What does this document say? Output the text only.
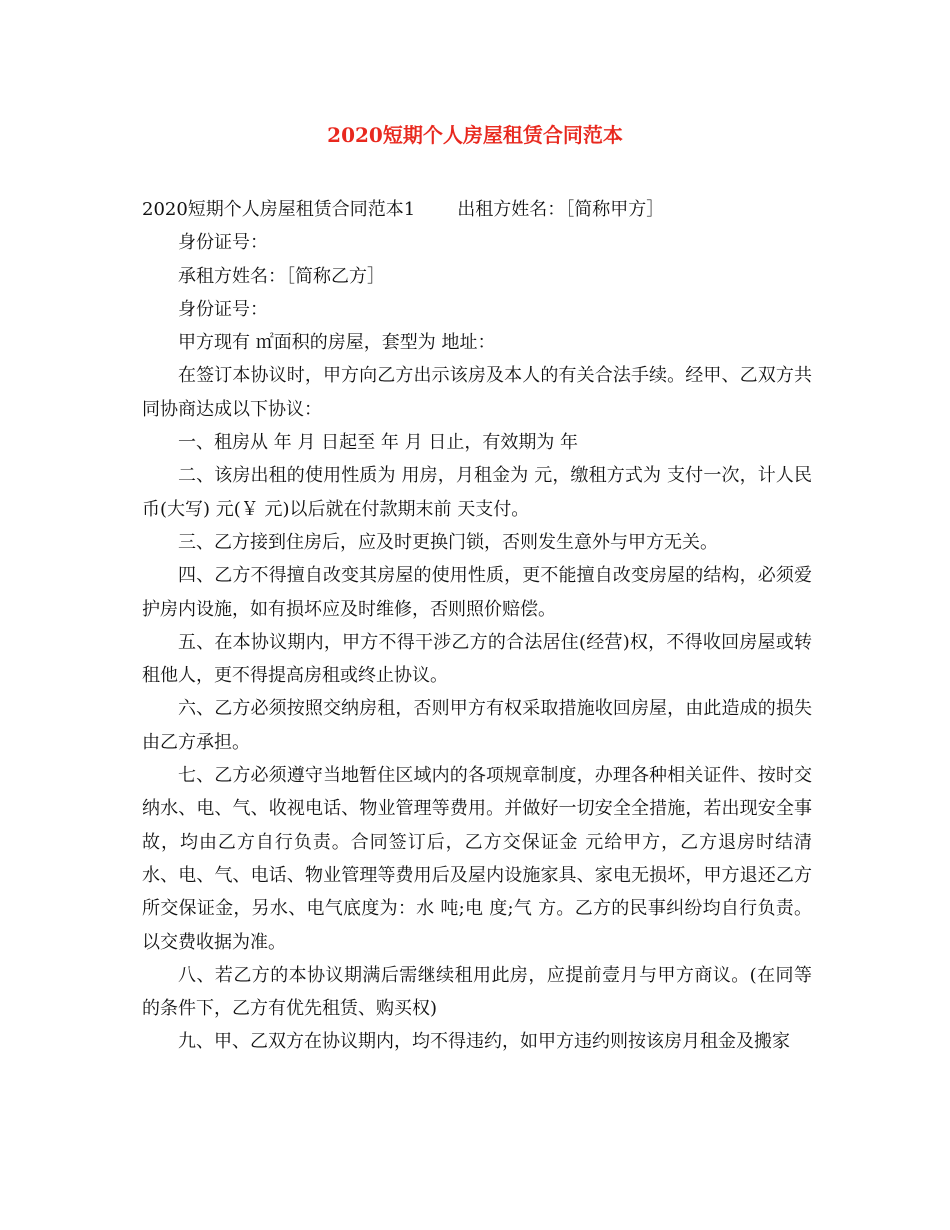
2020短期个人房屋租赁合同范本

2020短期个人房屋租赁合同范本1 出租方姓名：［简称甲方］

身份证号：

承租方姓名：［简称乙方］

身份证号：

甲方现有 ㎡面积的房屋，套型为 地址：

在签订本协议时，甲方向乙方出示该房及本人的有关合法手续。经甲、乙双方共同协商达成以下协议：

一、租房从 年 月 日起至 年 月 日止，有效期为 年

二、该房出租的使用性质为 用房，月租金为 元，缴租方式为 支付一次，计人民币(大写) 元(￥ 元)以后就在付款期末前 天支付。

三、乙方接到住房后，应及时更换门锁，否则发生意外与甲方无关。

四、乙方不得擅自改变其房屋的使用性质，更不能擅自改变房屋的结构，必须爱护房内设施，如有损坏应及时维修，否则照价赔偿。

五、在本协议期内，甲方不得干涉乙方的合法居住(经营)权，不得收回房屋或转租他人，更不得提高房租或终止协议。

六、乙方必须按照交纳房租，否则甲方有权采取措施收回房屋，由此造成的损失由乙方承担。

七、乙方必须遵守当地暂住区域内的各项规章制度，办理各种相关证件、按时交纳水、电、气、收视电话、物业管理等费用。并做好一切安全全措施，若出现安全事故，均由乙方自行负责。合同签订后，乙方交保证金 元给甲方，乙方退房时结清水、电、气、电话、物业管理等费用后及屋内设施家具、家电无损坏，甲方退还乙方所交保证金，另水、电气底度为：水 吨;电 度;气 方。乙方的民事纠纷均自行负责。以交费收据为准。

八、若乙方的本协议期满后需继续租用此房，应提前壹月与甲方商议。(在同等的条件下，乙方有优先租赁、购买权)

九、甲、乙双方在协议期内，均不得违约，如甲方违约则按该房月租金及搬家
